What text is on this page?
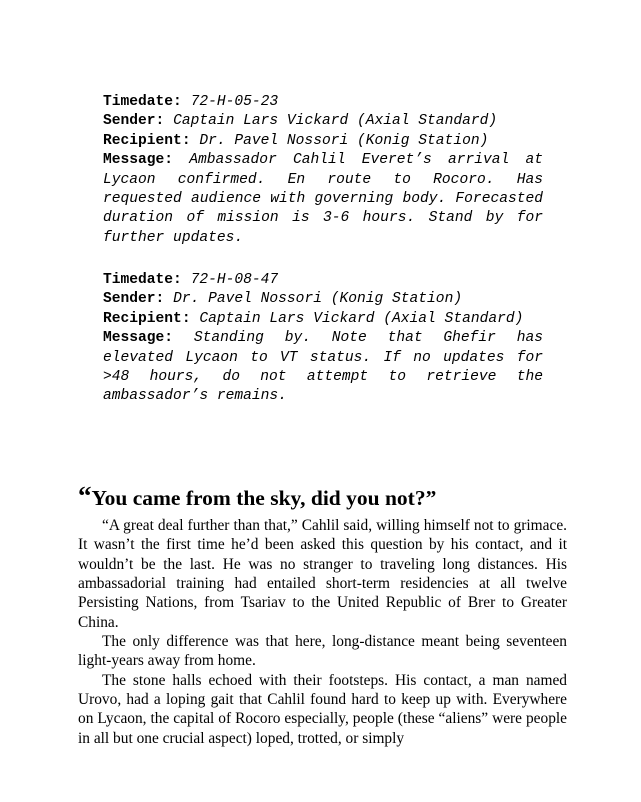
Timedate: 72-H-05-23

Sender: Captain Lars Vickard (Axial Standard)

Recipient: Dr. Pavel Nossori (Konig Station)

Message: Ambassador Cahlil Everet’s arrival at Lycaon confirmed. En route to Rocoro. Has requested audience with governing body. Forecasted duration of mission is 3-6 hours. Stand by for further updates.

Timedate: 72-H-08-47

Sender: Dr. Pavel Nossori (Konig Station)

Recipient: Captain Lars Vickard (Axial Standard)

Message: Standing by. Note that Ghefir has elevated Lycaon to VT status. If no updates for >48 hours, do not attempt to retrieve the ambassador’s remains.

“You came from the sky, did you not?”

“A great deal further than that,” Cahlil said, willing himself not to grimace. It wasn’t the first time he’d been asked this question by his contact, and it wouldn’t be the last. He was no stranger to traveling long distances. His ambassadorial training had entailed short-term residencies at all twelve Persisting Nations, from Tsariav to the United Republic of Brer to Greater China.

The only difference was that here, long-distance meant being seventeen light-years away from home.

The stone halls echoed with their footsteps. His contact, a man named Urovo, had a loping gait that Cahlil found hard to keep up with. Everywhere on Lycaon, the capital of Rocoro especially, people (these “aliens” were people in all but one crucial aspect) loped, trotted, or simply
